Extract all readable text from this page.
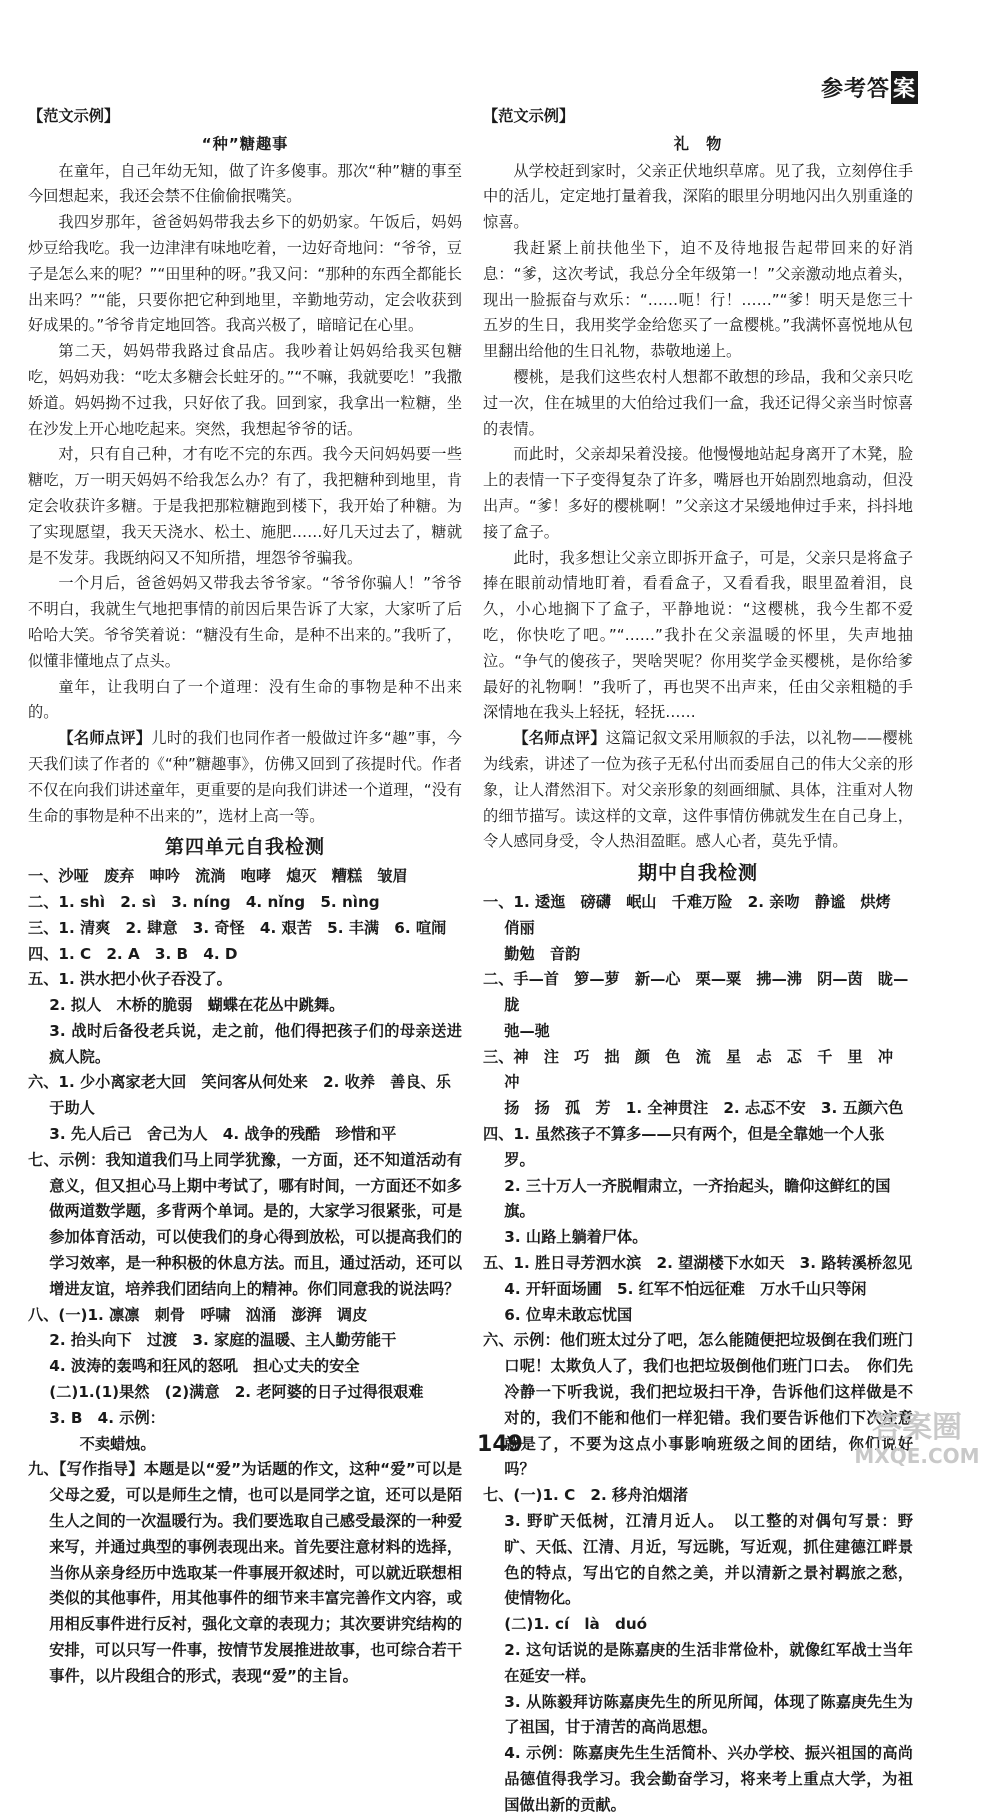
参考答 案
【范文示例】
“种”糖趣事

在童年，自己年幼无知，做了许多傻事。那次“种”糖的事至今回想起来，我还会禁不住偷偷抿嘴笑。

我四岁那年，爸爸妈妈带我去乡下的奶奶家。午饭后，妈妈炒豆给我吃。我一边津津有味地吃着，一边好奇地问：“爷爷，豆子是怎么来的呢？”“田里种的呀。”我又问：“那种的东西全都能长出来吗？”“能，只要你把它种到地里，辛勤地劳动，定会收获到好成果的。”爷爷肯定地回答。我高兴极了，暗暗记在心里。

第二天，妈妈带我路过食品店。我吵着让妈妈给我买包糖吃，妈妈劝我：“吃太多糖会长蛀牙的。”“不嘛，我就要吃！”我撒娇道。妈妈拗不过我，只好依了我。回到家，我拿出一粒糖，坐在沙发上开心地吃起来。突然，我想起爷爷的话。

对，只有自己种，才有吃不完的东西。我今天问妈妈要一些糖吃，万一明天妈妈不给我怎么办？有了，我把糖种到地里，肯定会收获许多糖。于是我把那粒糖跑到楼下，我开始了种糖。为了实现愿望，我天天浇水、松土、施肥……好几天过去了，糖就是不发芽。我既纳闷又不知所措，埋怨爷爷骗我。

一个月后，爸爸妈妈又带我去爷爷家。“爷爷你骗人！”爷爷不明白，我就生气地把事情的前因后果告诉了大家，大家听了后哈哈大笑。爷爷笑着说：“糖没有生命，是种不出来的。”我听了，似懂非懂地点了点头。

童年，让我明白了一个道理：没有生命的事物是种不出来的。

【名师点评】儿时的我们也同作者一般做过许多“趣”事，今天我们读了作者的《“种”糖趣事》，仿佛又回到了孩提时代。作者不仅在向我们讲述童年，更重要的是向我们讲述一个道理，“没有生命的事物是种不出来的”，选材上高一等。

第四单元自我检测

一、沙哑　废弃　呻吟　流淌　咆哮　熄灭　糟糕　皱眉

二、1. shì　2. sì　3. níng　4. nǐng　5. nìng

三、1. 清爽　2. 肆意　3. 奇怪　4. 艰苦　5. 丰满　6. 喧闹

四、1. C　2. A　3. B　4. D

五、1. 洪水把小伙子吞没了。

2. 拟人　木桥的脆弱　蝴蝶在花丛中跳舞。

3. 战时后备役老兵说，走之前，他们得把孩子们的母亲送进疯人院。

六、1. 少小离家老大回　笑问客从何处来　2. 收养　善良、乐于助人

3. 先人后己　舍己为人　4. 战争的残酷　珍惜和平

七、示例：我知道我们马上同学犹豫，一方面，还不知道活动有意义，但又担心马上期中考试了，哪有时间，一方面还不如多做两道数学题，多背两个单词。是的，大家学习很紧张，可是参加体育活动，可以使我们的身心得到放松，可以提高我们的学习效率，是一种积极的休息方法。而且，通过活动，还可以增进友谊，培养我们团结向上的精神。你们同意我的说法吗？

八、(一)1. 凛凛　刺骨　呼啸　汹涌　澎湃　调皮

2. 抬头向下　过渡　3. 家庭的温暖、主人勤劳能干

4. 波涛的轰鸣和狂风的怒吼　担心丈夫的安全

(二)1.(1)果然　(2)满意　2. 老阿婆的日子过得很艰难

3. B　4. 示例：

不卖蜡烛。

九、【写作指导】本题是以“爱”为话题的作文，这种“爱”可以是父母之爱，可以是师生之情，也可以是同学之谊，还可以是陌生人之间的一次温暖行为。我们要选取自己感受最深的一种爱来写，并通过典型的事例表现出来。首先要注意材料的选择，当你从亲身经历中选取某一件事展开叙述时，可以就近联想相类似的其他事件，用其他事件的细节来丰富完善作文内容，或用相反事件进行反衬，强化文章的表现力；其次要讲究结构的安排，可以只写一件事，按情节发展推进故事，也可综合若干事件，以片段组合的形式，表现“爱”的主旨。

【范文示例】
礼　物

从学校赶到家时，父亲正伏地织草席。见了我，立刻停住手中的活儿，定定地打量着我，深陷的眼里分明地闪出久别重逢的惊喜。

我赶紧上前扶他坐下，迫不及待地报告起带回来的好消息：“爹，这次考试，我总分全年级第一！”父亲激动地点着头，现出一脸振奋与欢乐：“……呃！行！……”“爹！明天是您三十五岁的生日，我用奖学金给您买了一盒樱桃。”我满怀喜悦地从包里翻出给他的生日礼物，恭敬地递上。

樱桃，是我们这些农村人想都不敢想的珍品，我和父亲只吃过一次，住在城里的大伯给过我们一盒，我还记得父亲当时惊喜的表情。

而此时，父亲却呆着没接。他慢慢地站起身离开了木凳，脸上的表情一下子变得复杂了许多，嘴唇也开始剧烈地翕动，但没出声。“爹！多好的樱桃啊！”父亲这才呆缓地伸过手来，抖抖地接了盒子。

此时，我多想让父亲立即拆开盒子，可是，父亲只是将盒子捧在眼前动情地盯着，看看盒子，又看看我，眼里盈着泪，良久，小心地搁下了盒子，平静地说：“这樱桃，我今生都不爱吃，你快吃了吧。”“……”我扑在父亲温暖的怀里，失声地抽泣。“争气的傻孩子，哭啥哭呢？你用奖学金买樱桃，是你给爹最好的礼物啊！”我听了，再也哭不出声来，任由父亲粗糙的手深情地在我头上轻抚，轻抚……

【名师点评】这篇记叙文采用顺叙的手法，以礼物——樱桃为线索，讲述了一位为孩子无私付出而委屈自己的伟大父亲的形象，让人潸然泪下。对父亲形象的刻画细腻、具体，注重对人物的细节描写。读这样的文章，这件事情仿佛就发生在自己身上，令人感同身受，令人热泪盈眶。感人心者，莫先乎情。

期中自我检测

一、1. 逶迤　磅礴　岷山　千难万险　2. 亲吻　静谧　烘烤　俏丽

勤勉　音韵

二、手—首　箩—萝　新—心　栗—粟　拂—沸　阴—茵　眬—胧

弛—驰

三、神　注　巧　拙　颜　色　流　星　忐　忑　千　里　冲　冲

扬　扬　孤　芳　1. 全神贯注　2. 忐忑不安　3. 五颜六色

四、1. 虽然孩子不算多——只有两个，但是全靠她一个人张罗。

2. 三十万人一齐脱帽肃立，一齐抬起头，瞻仰这鲜红的国旗。

3. 山路上躺着尸体。

五、1. 胜日寻芳泗水滨　2. 望湖楼下水如天　3. 路转溪桥忽见

4. 开轩面场圃　5. 红军不怕远征难　万水千山只等闲

6. 位卑未敢忘忧国

六、示例：他们班太过分了吧，怎么能随便把垃圾倒在我们班门口呢！太欺负人了，我们也把垃圾倒他们班门口去。　你们先冷静一下听我说，我们把垃圾扫干净，告诉他们这样做是不对的，我们不能和他们一样犯错。我们要告诉他们下次注意就是了，不要为这点小事影响班级之间的团结，你们说好吗？

七、(一)1. C　2. 移舟泊烟渚

3. 野旷天低树，江清月近人。　以工整的对偶句写景：野旷、天低、江清、月近，写远眺，写近观，抓住建德江畔景色的特点，写出它的自然之美，并以清新之景衬羁旅之愁，使情物化。

(二)1. cí　là　duó

2. 这句话说的是陈嘉庚的生活非常俭朴，就像红军战士当年在延安一样。

3. 从陈毅拜访陈嘉庚先生的所见所闻，体现了陈嘉庚先生为了祖国，甘于清苦的高尚思想。

4. 示例：陈嘉庚先生生活简朴、兴办学校、振兴祖国的高尚品德值得我学习。我会勤奋学习，将来考上重点大学，为祖国做出新的贡献。

149	答案圈
MXQE.COM
